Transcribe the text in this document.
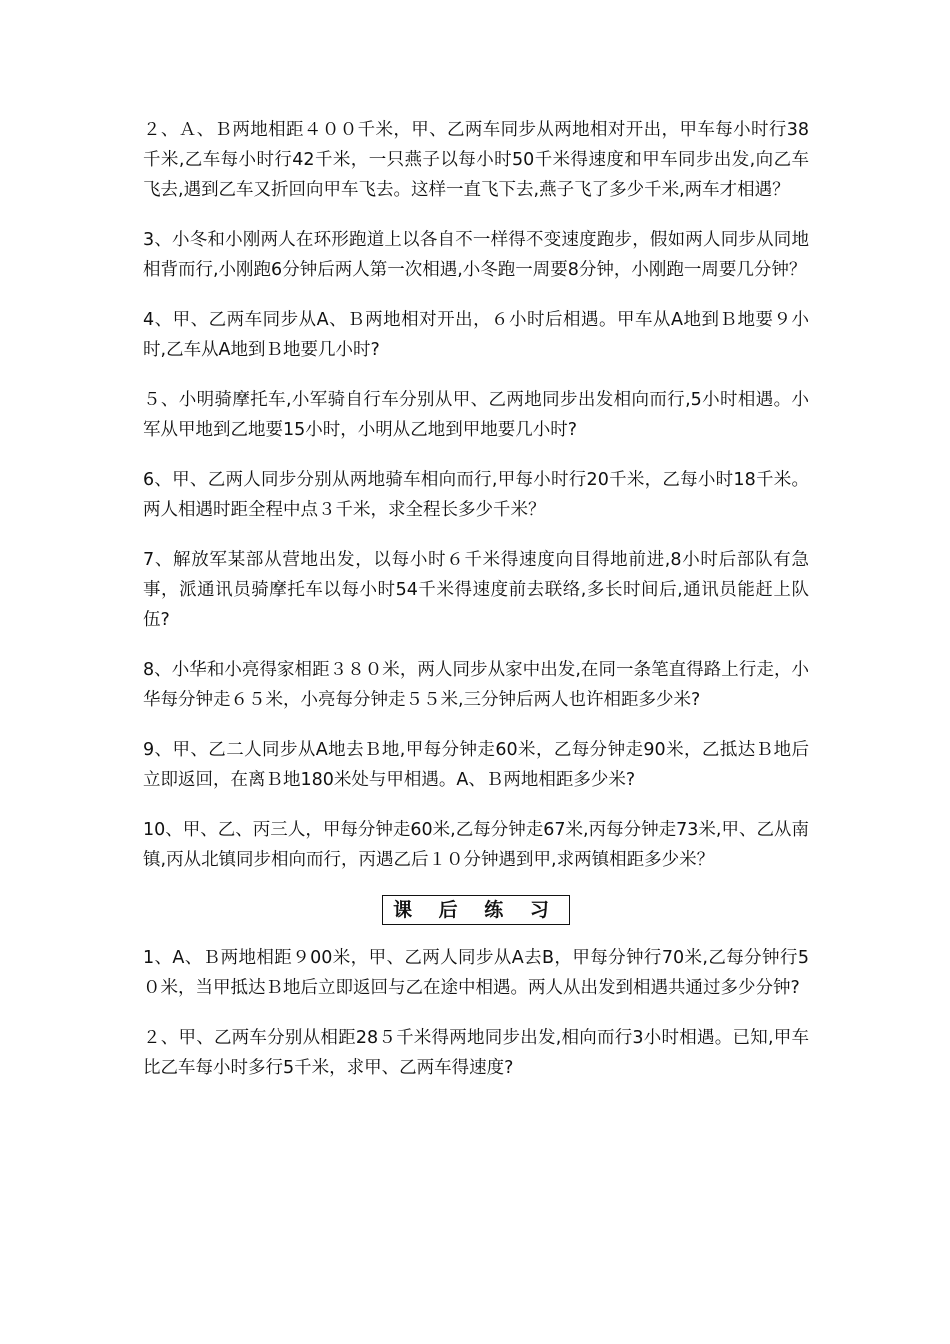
２、Ａ、Ｂ两地相距４００千米，甲、乙两车同步从两地相对开出，甲车每小时行38千米,乙车每小时行42千米，一只燕子以每小时50千米得速度和甲车同步出发,向乙车飞去,遇到乙车又折回向甲车飞去。这样一直飞下去,燕子飞了多少千米,两车才相遇？

3、小冬和小刚两人在环形跑道上以各自不一样得不变速度跑步，假如两人同步从同地相背而行,小刚跑6分钟后两人第一次相遇,小冬跑一周要8分钟，小刚跑一周要几分钟？

4、甲、乙两车同步从A、Ｂ两地相对开出，６小时后相遇。甲车从A地到Ｂ地要９小时,乙车从A地到Ｂ地要几小时?

５、小明骑摩托车,小军骑自行车分别从甲、乙两地同步出发相向而行,5小时相遇。小军从甲地到乙地要15小时，小明从乙地到甲地要几小时?

6、甲、乙两人同步分别从两地骑车相向而行,甲每小时行20千米，乙每小时18千米。两人相遇时距全程中点３千米，求全程长多少千米？

7、解放军某部从营地出发，以每小时６千米得速度向目得地前进,8小时后部队有急事，派通讯员骑摩托车以每小时54千米得速度前去联络,多长时间后,通讯员能赶上队伍?

8、小华和小亮得家相距３８０米，两人同步从家中出发,在同一条笔直得路上行走，小华每分钟走６５米，小亮每分钟走５５米,三分钟后两人也许相距多少米?

9、甲、乙二人同步从A地去Ｂ地,甲每分钟走60米，乙每分钟走90米，乙抵达Ｂ地后立即返回，在离Ｂ地180米处与甲相遇。A、Ｂ两地相距多少米?

10、甲、乙、丙三人，甲每分钟走60米,乙每分钟走67米,丙每分钟走73米,甲、乙从南镇,丙从北镇同步相向而行，丙遇乙后１０分钟遇到甲,求两镇相距多少米？

课 后 练 习

1、A、Ｂ两地相距９00米，甲、乙两人同步从A去B，甲每分钟行70米,乙每分钟行5０米，当甲抵达Ｂ地后立即返回与乙在途中相遇。两人从出发到相遇共通过多少分钟?

２、甲、乙两车分别从相距28５千米得两地同步出发,相向而行3小时相遇。已知,甲车比乙车每小时多行5千米，求甲、乙两车得速度?
